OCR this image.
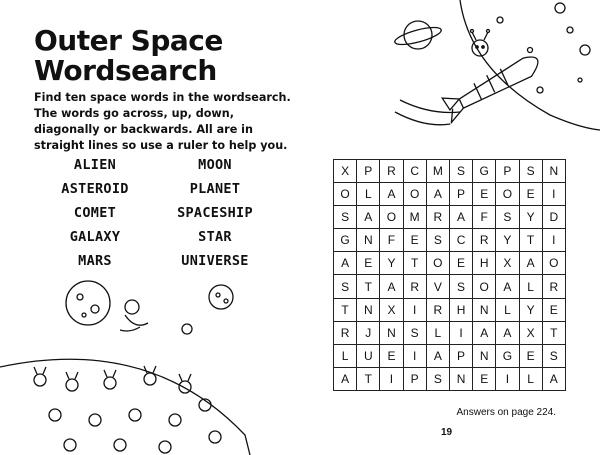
Outer Space
Wordsearch

Find ten space words in the wordsearch. The words go across, up, down, diagonally or backwards. All are in straight lines so use a ruler to help you.

ALIEN	MOON
ASTEROID	PLANET
COMET	SPACESHIP
GALAXY	STAR
MARS	UNIVERSE
X	P	R	C	M	S	G	P	S	N
O	L	A	O	A	P	E	O	E	I
S	A	O	M	R	A	F	S	Y	D
G	N	F	E	S	C	R	Y	T	I
A	E	Y	T	O	E	H	X	A	O
S	T	A	R	V	S	O	A	L	R
T	N	X	I	R	H	N	L	Y	E
R	J	N	S	L	I	A	A	X	T
L	U	E	I	A	P	N	G	E	S
A	T	I	P	S	N	E	I	L	A
Answers on page 224.
19
